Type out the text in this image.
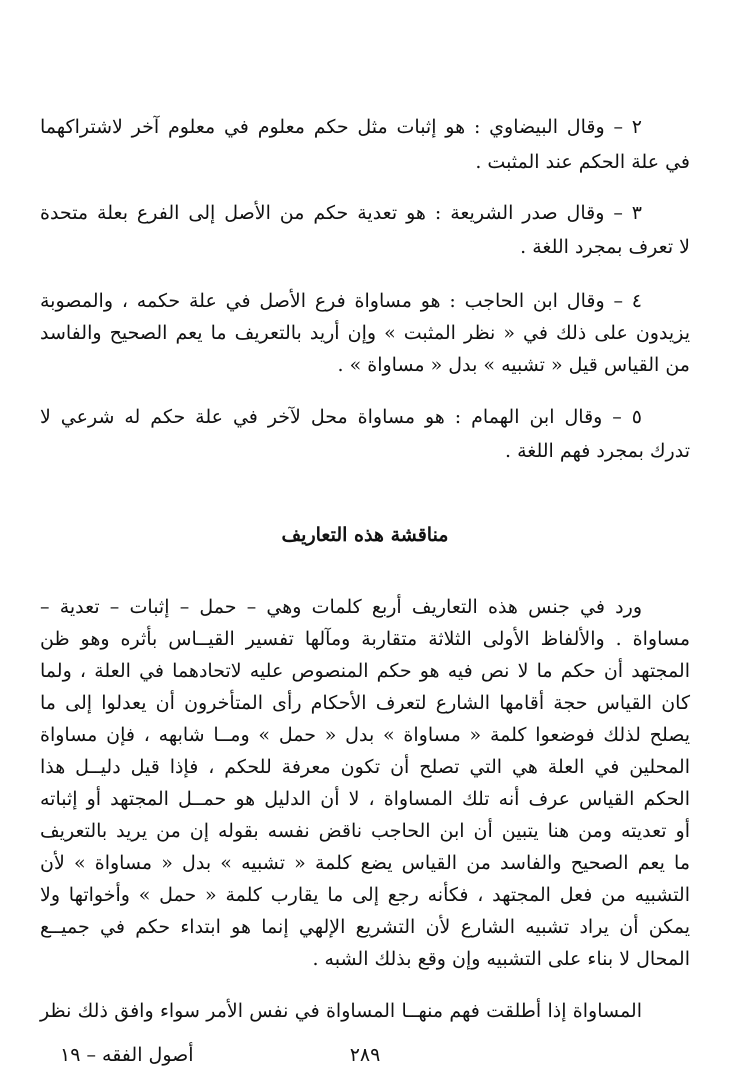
٢ – وقال البيضاوي : هو إثبات مثل حكم معلوم في معلوم آخر لاشتراكهما
في علة الحكم عند المثبت .
٣ – وقال صدر الشريعة : هو تعدية حكم من الأصل إلى الفرع بعلة متحدة
لا تعرف بمجرد اللغة .
٤ – وقال ابن الحاجب : هو مساواة فرع الأصل في علة حكمه ، والمصوبة
يزيدون على ذلك في « نظر المثبت » وإن أريد بالتعريف ما يعم الصحيح والفاسد
من القياس قيل « تشبيه » بدل « مساواة » .
٥ – وقال ابن الهمام : هو مساواة محل لآخر في علة حكم له شرعي لا
تدرك بمجرد فهم اللغة .
مناقشة هذه التعاريف
ورد في جنس هذه التعاريف أربع كلمات وهي – حمل – إثبات – تعدية –
مساواة . والألفاظ الأولى الثلاثة متقاربة ومآلها تفسير القيــاس بأثره وهو ظن
المجتهد أن حكم ما لا نص فيه هو حكم المنصوص عليه لاتحادهما في العلة ، ولما
كان القياس حجة أقامها الشارع لتعرف الأحكام رأى المتأخرون أن يعدلوا إلى ما
يصلح لذلك فوضعوا كلمة « مساواة » بدل « حمل » ومــا شابهه ، فإن مساواة
المحلين في العلة هي التي تصلح أن تكون معرفة للحكم ، فإذا قيل دليــل هذا
الحكم القياس عرف أنه تلك المساواة ، لا أن الدليل هو حمــل المجتهد أو إثباته
أو تعديته ومن هنا يتبين أن ابن الحاجب ناقض نفسه بقوله إن من يريد بالتعريف
ما يعم الصحيح والفاسد من القياس يضع كلمة « تشبيه » بدل « مساواة » لأن
التشبيه من فعل المجتهد ، فكأنه رجع إلى ما يقارب كلمة « حمل » وأخواتها ولا
يمكن أن يراد تشبيه الشارع لأن التشريع الإلهي إنما هو ابتداء حكم في جميــع
المحال لا بناء على التشبيه وإن وقع بذلك الشبه .
المساواة إذا أطلقت فهم منهــا المساواة في نفس الأمر سواء وافق ذلك نظر
٢٨٩
أصول الفقه – ١٩
